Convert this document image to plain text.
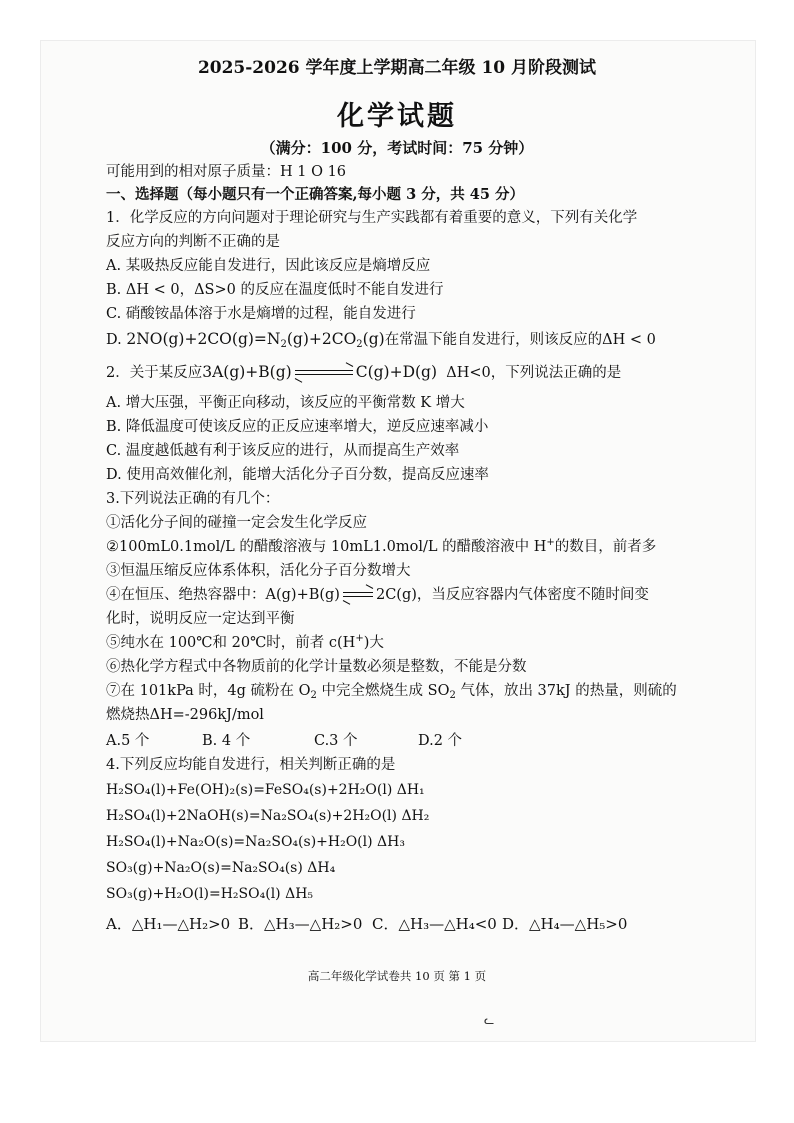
2025-2026 学年度上学期高二年级 10 月阶段测试
化学试题
（满分：100 分，考试时间：75 分钟）
可能用到的相对原子质量：H 1 O 16
一、选择题（每小题只有一个正确答案,每小题 3 分，共 45 分）
1．化学反应的方向问题对于理论研究与生产实践都有着重要的意义，下列有关化学
反应方向的判断不正确的是
A. 某吸热反应能自发进行，因此该反应是熵增反应
B. ΔH < 0，ΔS>0 的反应在温度低时不能自发进行
C. 硝酸铵晶体溶于水是熵增的过程，能自发进行
D. $2NO(g)+2CO(g)=N_2(g)+2CO_2(g)$在常温下能自发进行，则该反应的ΔH < 0
2．关于某反应3A(g)+B(g)	C(g)+D(g) ΔH<0，下列说法正确的是
A. 增大压强，平衡正向移动，该反应的平衡常数 K 增大
B. 降低温度可使该反应的正反应速率增大，逆反应速率减小
C. 温度越低越有利于该反应的进行，从而提高生产效率
D. 使用高效催化剂，能增大活化分子百分数，提高反应速率
3.下列说法正确的有几个：
①活化分子间的碰撞一定会发生化学反应
②100mL0.1mol/L 的醋酸溶液与 10mL1.0mol/L 的醋酸溶液中 H+的数目，前者多
③恒温压缩反应体系体积，活化分子百分数增大
④在恒压、绝热容器中：A(g)+B(g) 2C(g)，当反应容器内气体密度不随时间变
化时，说明反应一定达到平衡
⑤纯水在 100℃和 20℃时，前者 c(H+)大
⑥热化学方程式中各物质前的化学计量数必须是整数，不能是分数
⑦在 101kPa 时，4g 硫粉在 $O_2$ 中完全燃烧生成 $SO_2$ 气体，放出 37kJ 的热量，则硫的
燃烧热ΔH=-296kJ/mol
A.5 个	B. 4 个	C.3 个	D.2 个
4.下列反应均能自发进行，相关判断正确的是
H₂SO₄(l)+Fe(OH)₂(s)=FeSO₄(s)+2H₂O(l) ΔH₁
H₂SO₄(l)+2NaOH(s)=Na₂SO₄(s)+2H₂O(l) ΔH₂
H₂SO₄(l)+Na₂O(s)=Na₂SO₄(s)+H₂O(l) ΔH₃
SO₃(g)+Na₂O(s)=Na₂SO₄(s) ΔH₄
SO₃(g)+H₂O(l)=H₂SO₄(l) ΔH₅
A．△H₁—△H₂>0 B．△H₃—△H₂>0 C．△H₃—△H₄<0 D．△H₄—△H₅>0
高二年级化学试卷共 10 页 第 1 页
ᓚ
